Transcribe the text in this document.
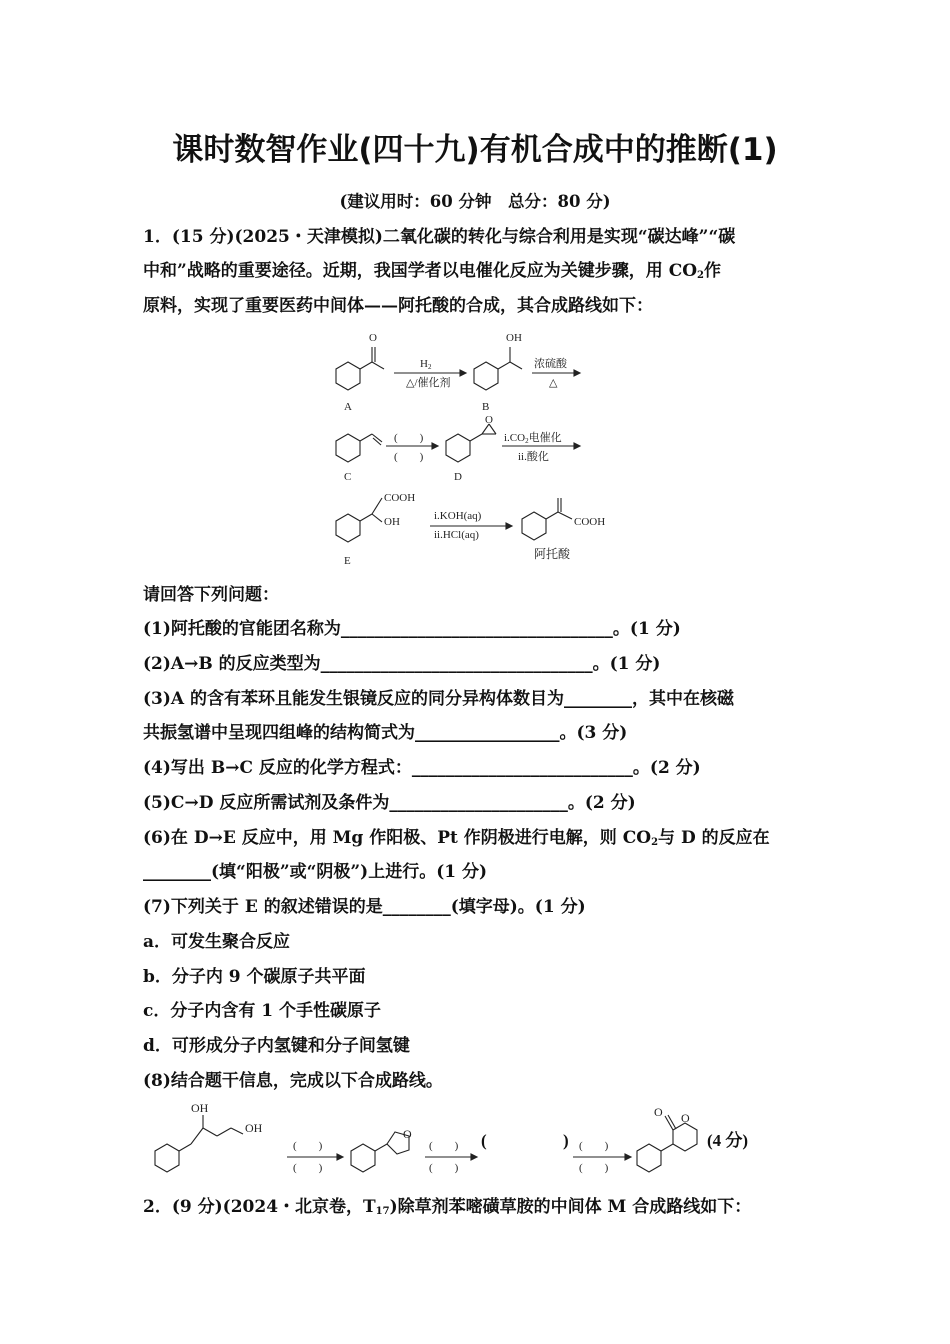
课时数智作业(四十九)有机合成中的推断(1)
(建议用时：60 分钟　总分：80 分)
1．(15 分)(2025・天津模拟)二氧化碳的转化与综合利用是实现“碳达峰”“碳
中和”战略的重要途径。近期，我国学者以电催化反应为关键步骤，用 $CO_2$作
原料，实现了重要医药中间体——阿托酸的合成，其合成路线如下：
O
A
H2
△/催化剂
OH
B
浓硫酸
△
C
(　　)
(　　)
O
D
i.CO2电催化
ii.酸化
COOH
OH
E
i.KOH(aq)
ii.HCl(aq)
COOH
阿托酸
请回答下列问题：
(1)阿托酸的官能团名称为________________________________。(1 分)
(2)A→B 的反应类型为________________________________。(1 分)
(3)A 的含有苯环且能发生银镜反应的同分异构体数目为________，其中在核磁
共振氢谱中呈现四组峰的结构简式为_________________。(3 分)
(4)写出 B→C 反应的化学方程式：__________________________。(2 分)
(5)C→D 反应所需试剂及条件为_____________________。(2 分)
(6)在 D→E 反应中，用 Mg 作阳极、Pt 作阴极进行电解，则 $CO_2$与 D 的反应在
________(填“阳极”或“阴极”)上进行。(1 分)
(7)下列关于 E 的叙述错误的是________(填字母)。(1 分)
a．可发生聚合反应
b．分子内 9 个碳原子共平面
c．分子内含有 1 个手性碳原子
d．可形成分子内氢键和分子间氢键
(8)结合题干信息，完成以下合成路线。
OH
OH
(　　)
(　　)
O
(　　)
(　　)
(	) (　　)
(　　)
O O
(4 分)
2．(9 分)(2024・北京卷，$T_{17}$)除草剂苯嘧磺草胺的中间体 M 合成路线如下：
